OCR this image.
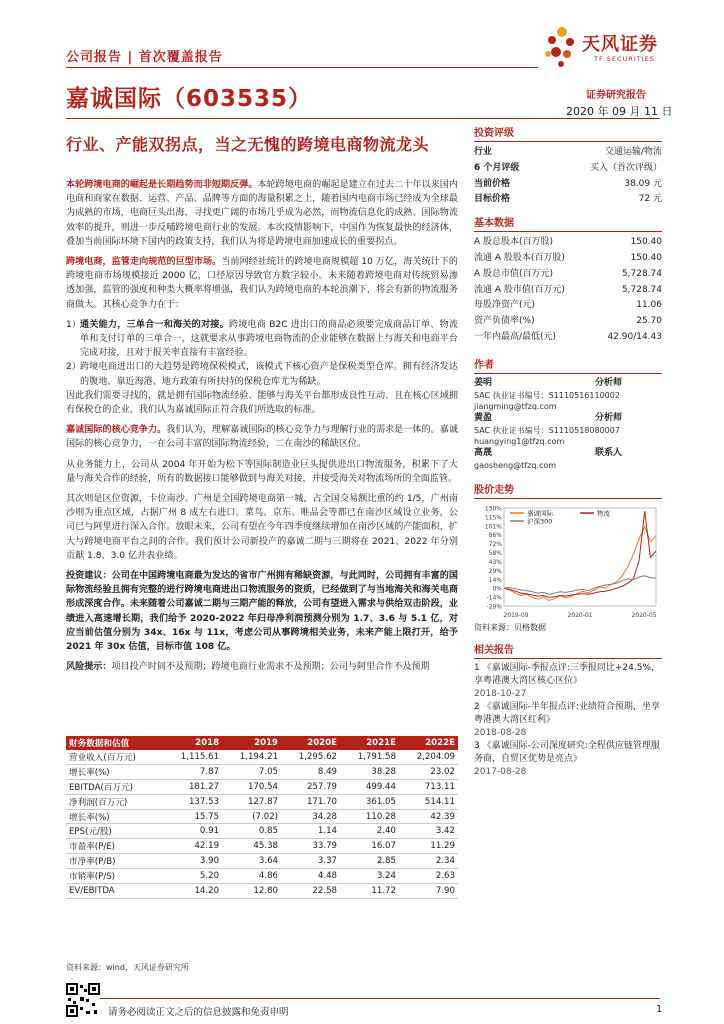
公司报告 | 首次覆盖报告
天风证券
TF SECURITIES
嘉诚国际（603535）	证券研究报告
2020 年 09 月 11 日
行业、产能双拐点，当之无愧的跨境电商物流龙头

本轮跨境电商的崛起是长期趋势而非短期反弹。本轮跨境电商的崛起是建立在过去二十年以来国内电商和商家在数据、运营、产品、品牌等方面的海量积累之上，随着国内电商市场已经成为全球最为成熟的市场，电商巨头出海、寻找更广阔的市场几乎成为必然，而物流信息化的成熟、国际物流效率的提升，则进一步反哺跨境电商行业的发展。本次疫情影响下，中国作为恢复最快的经济体，叠加当前国际环境下国内的政策支持，我们认为将是跨境电商加速成长的重要拐点。

跨境电商，监管走向规范的巨型市场。当前网经社统计的跨境电商规模超 10 万亿，海关统计下的跨境电商市场规模接近 2000 亿，口径原因导致官方数字较小。未来随着跨境电商对传统贸易渗透加强，监管的强度和种类大概率将增强，我们认为跨境电商的本轮浪潮下，将会有新的物流服务商做大。其核心竞争力在于：

1） 通关能力，三单合一和海关的对接。跨境电商 B2C 进出口的商品必须要完成商品订单、物流单和支付订单的三单合一，这就要求从事跨境电商物流的企业能够在数据上与海关和电商平台完成对接，且对于报关率直接有丰富经验。
2） 跨境电商进出口的大趋势是跨境保税模式，该模式下核心资产是保税类型仓库。拥有经济发达的腹地、靠近海港、地方政策有所扶持的保税仓库尤为稀缺。

因此我们需要寻找的，就是拥有国际物流经验、能够与海关平台都形成良性互动、且在核心区域拥有保税仓的企业，我们认为嘉诚国际正符合我们所选取的标准。

嘉诚国际的核心竞争力。我们认为，理解嘉诚国际的核心竞争力与理解行业的需求是一体的。嘉诚国际的核心竞争力，一在公司丰富的国际物流经验，二在南沙的稀缺区位。

从业务能力上，公司从 2004 年开始为松下等国际制造业巨头提供进出口物流服务，积累下了大量与海关合作的经验，所有的数据接口能够做到与海关对接，并接受海关对物流场所的全面监管。

其次则是区位资源，卡位南沙。广州是全国跨境电商第一城，占全国交易额比重的约 1/5，广州南沙则为重点区域，占据广州 8 成左右进口。菜鸟、京东、唯品会等都已在南沙区域设立业务，公司已与阿里进行深入合作。放眼未来，公司有望在今年四季度继续增加在南沙区域的产能面积，扩大与跨境电商平台之间的合作。我们预计公司新投产的嘉诚二期与三期将在 2021、2022 年分别贡献 1.8、3.0 亿并表业绩。

投资建议：公司在中国跨境电商最为发达的省市广州拥有稀缺资源，与此同时，公司拥有丰富的国际物流经验且拥有完整的进行跨境电商进出口物流服务的资质，已经做到了与当地海关和海关电商形成深度合作。未来随着公司嘉诚二期与三期产能的释放，公司有望进入需求与供给双击阶段，业绩进入高速增长期，我们给予 2020-2022 年归母净利润预测分别为 1.7、3.6 与 5.1 亿，对应当前估值分别为 34x、16x 与 11x，考虑公司从事跨境相关业务，未来产能上限打开，给予 2021 年 30x 估值，目标市值 108 亿。

风险提示：项目投产时间不及预期；跨境电商行业需求不及预期；公司与阿里合作不及预期

财务数据和估值	2018	2019	2020E	2021E	2022E
营业收入(百万元)	1,115.61	1,194.21	1,295.62	1,791.58	2,204.09
增长率(%)	7.87	7.05	8.49	38.28	23.02
EBITDA(百万元)	181.27	170.54	257.79	499.44	713.11
净利润(百万元)	137.53	127.87	171.70	361.05	514.11
增长率(%)	15.75	(7.02)	34.28	110.28	42.39
EPS(元/股)	0.91	0.85	1.14	2.40	3.42
市盈率(P/E)	42.19	45.38	33.79	16.07	11.29
市净率(P/B)	3.90	3.64	3.37	2.85	2.34
市销率(P/S)	5.20	4.86	4.48	3.24	2.63
EV/EBITDA	14.20	12.80	22.58	11.72	7.90
资料来源：wind，天风证券研究所
投资评级
行业	交通运输/物流
6 个月评级	买入（首次评级）
当前价格	38.09 元
目标价格	72 元
基本数据
A 股总股本(百万股)	150.40
流通 A 股股本(百万股)	150.40
A 股总市值(百万元)	5,728.74
流通 A 股市值(百万元)	5,728.74
每股净资产(元)	11.06
资产负债率(%)	25.70
一年内最高/最低(元)	42.90/14.43
作者
姜明	分析师
SAC 执业证书编号：S1110516110002
jiangming@tfzq.com
黄盈	分析师
SAC 执业证书编号：S1110518080007
huangying1@tfzq.com
高晟	联系人
gaosheng@tfzq.com
股价走势
130%
115%
101%
86%
72%
58%
43%
29%
14%
0%
-14%
-29%
2019-09	2020-01	2020-05
嘉诚国际	物流
沪深300
资料来源：贝格数据
相关报告
1 《嘉诚国际-季报点评:三季报同比+24.5%，享粤港澳大湾区核心区位》
2018-10-27
2 《嘉诚国际-半年报点评:业绩符合预期，坐享粤港澳大湾区红利》
2018-08-28
3 《嘉诚国际-公司深度研究:全程供应链管理服务商，自贸区优势是亮点》
2017-08-28
请务必阅读正文之后的信息披露和免责申明	1
